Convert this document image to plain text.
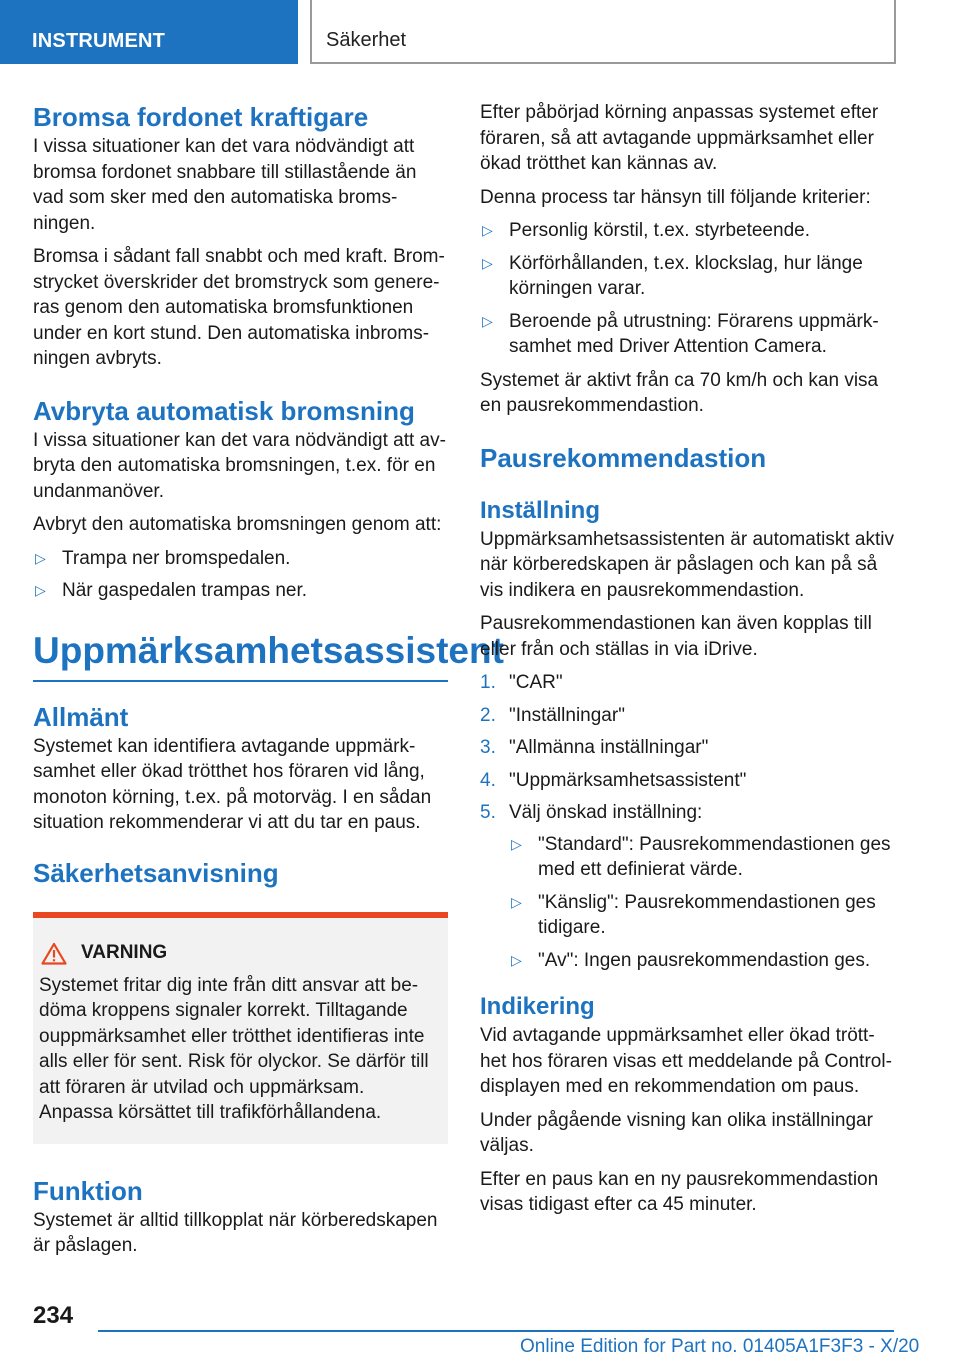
INSTRUMENT	Säkerhet
Bromsa fordonet kraftigare

I vissa situationer kan det vara nödvändigt att bromsa fordonet snabbare till stillastående än vad som sker med den automatiska broms-ningen.

Bromsa i sådant fall snabbt och med kraft. Brom-strycket överskrider det bromstryck som genere-ras genom den automatiska bromsfunktionen under en kort stund. Den automatiska inbroms-ningen avbryts.

Avbryta automatisk bromsning

I vissa situationer kan det vara nödvändigt att av-bryta den automatiska bromsningen, t.ex. för en undanmanöver.

Avbryt den automatiska bromsningen genom att:

▷ Trampa ner bromspedalen.
▷ När gaspedalen trampas ner.
Uppmärksamhetsassistent
Allmänt

Systemet kan identifiera avtagande uppmärk-samhet eller ökad trötthet hos föraren vid lång, monoton körning, t.ex. på motorväg. I en sådan situation rekommenderar vi att du tar en paus.

Säkerhetsanvisning
VARNING

Systemet fritar dig inte från ditt ansvar att be-döma kroppens signaler korrekt. Tilltagande ouppmärksamhet eller trötthet identifieras inte alls eller för sent. Risk för olyckor. Se därför till att föraren är utvilad och uppmärksam. Anpassa körsättet till trafikförhållandena.

Funktion

Systemet är alltid tillkopplat när körberedskapen är påslagen.

Efter påbörjad körning anpassas systemet efter föraren, så att avtagande uppmärksamhet eller ökad trötthet kan kännas av.

Denna process tar hänsyn till följande kriterier:

▷ Personlig körstil, t.ex. styrbeteende.
▷ Körförhållanden, t.ex. klockslag, hur länge körningen varar.
▷ Beroende på utrustning: Förarens uppmärk-samhet med Driver Attention Camera.

Systemet är aktivt från ca 70 km/h och kan visa en pausrekommendastion.

Pausrekommendastion
Inställning

Uppmärksamhetsassistenten är automatiskt aktiv när körberedskapen är påslagen och kan på så vis indikera en pausrekommendastion.

Pausrekommendastionen kan även kopplas till eller från och ställas in via iDrive.

1. "CAR"
2. "Inställningar"
3. "Allmänna inställningar"
4. "Uppmärksamhetsassistent"
5. Välj önskad inställning:
▷ "Standard": Pausrekommendastionen ges med ett definierat värde.
▷ "Känslig": Pausrekommendastionen ges tidigare.
▷ "Av": Ingen pausrekommendastion ges.
Indikering

Vid avtagande uppmärksamhet eller ökad trött-het hos föraren visas ett meddelande på Control-displayen med en rekommendation om paus.

Under pågående visning kan olika inställningar väljas.

Efter en paus kan en ny pausrekommendastion visas tidigast efter ca 45 minuter.

234
Online Edition for Part no. 01405A1F3F3 - X/20
